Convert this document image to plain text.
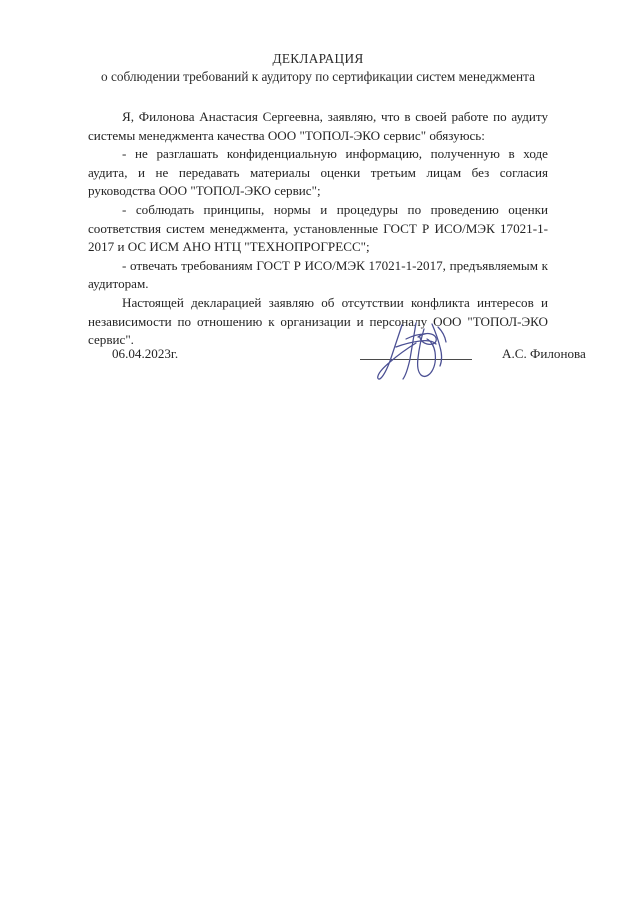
ДЕКЛАРАЦИЯ
о соблюдении требований к аудитору по сертификации систем менеджмента

Я, Филонова Анастасия Сергеевна, заявляю, что в своей работе по аудиту системы менеджмента качества ООО "ТОПОЛ-ЭКО сервис" обязуюсь:

- не разглашать конфиденциальную информацию, полученную в ходе аудита, и не передавать материалы оценки третьим лицам без согласия руководства ООО "ТОПОЛ-ЭКО сервис";

- соблюдать принципы, нормы и процедуры по проведению оценки соответствия систем менеджмента, установленные ГОСТ Р ИСО/МЭК 17021-1-2017 и ОС ИСМ АНО НТЦ "ТЕХНОПРОГРЕСС";

- отвечать требованиям ГОСТ Р ИСО/МЭК 17021-1-2017, предъявляемым к аудиторам.

Настоящей декларацией заявляю об отсутствии конфликта интересов и независимости по отношению к организации и персоналу ООО "ТОПОЛ-ЭКО сервис".

06.04.2023г.	А.С. Филонова
